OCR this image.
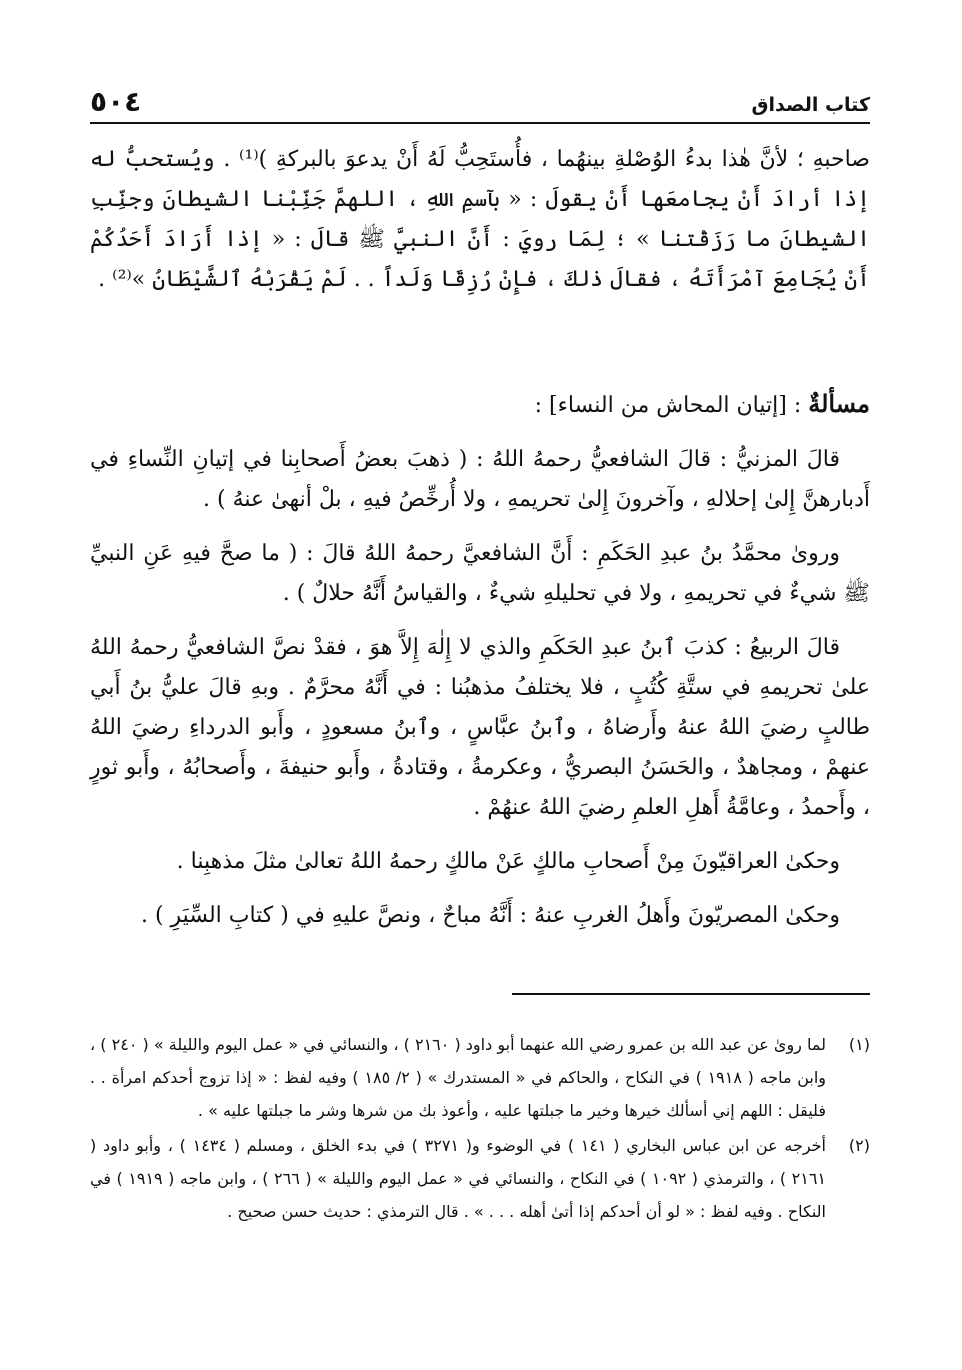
كتاب الصداق
٥٠٤

صاحبهِ ؛ لأنَّ هٰذا بدءُ الوُصْلةِ بينهُما ، فأُستَحِبُّ لَهُ أَنْ يدعوَ بالبركةِ )⁽¹⁾ . ويُستحبُّ له إذا أرادَ أَنْ يجامعَها أَنْ يقولَ : « بآسمِ اللهِ ، اللهمَّ جَنِّبْنا الشيطانَ وجنِّبِ الشيطانَ ما رَزَقْتنا » ؛ لِمَا رويَ : أَنَّ النبيَّ ﷺ قالَ : « إذا أَرَادَ أَحَدُكُمْ أَنْ يُجَامِعَ آمْرَأَتَهُ ، فقالَ ذٰلكَ ، فإِنْ رُزِقَا وَلَداً . . لَمْ يَقْرَبْهُ ٱلشَّيْطَانُ »⁽²⁾ .

مسألةٌ : [إتيان المحاش من النساء] :

قالَ المزنيُّ : قالَ الشافعيُّ رحمهُ اللهُ : ( ذهبَ بعضُ أَصحابِنا في إتيانِ النِّساءِ في أَدبارهنَّ إِلىٰ إحلالهِ ، وآخرونَ إِلىٰ تحريمهِ ، ولا أُرخِّصُ فيهِ ، بلْ أنهىٰ عنهُ ) .

ورویٰ محمَّدُ بنُ عبدِ الحَكَمِ : أَنَّ الشافعيَّ رحمهُ اللهُ قالَ : ( ما صحَّ فيهِ عَنِ النبيِّ ﷺ شيءٌ في تحريمهِ ، ولا في تحليلهِ شيءٌ ، والقياسُ أَنَّهُ حلالٌ ) .

قالَ الربيعُ : كذبَ ٱبنُ عبدِ الحَكَمِ والذي لا إِلٰهَ إِلاَّ هوَ ، فقدْ نصَّ الشافعيُّ رحمهُ اللهُ علىٰ تحريمهِ في ستَّةِ كُتُبٍ ، فلا يختلفُ مذهبُنا : في أَنَّهُ محرَّمٌ . وبهِ قالَ عليُّ بنُ أَبي طالبٍ رضيَ اللهُ عنهُ وأَرضاهُ ، وٱبنُ عبَّاسٍ ، وٱبنُ مسعودٍ ، وأَبو الدرداءِ رضيَ اللهُ عنهمْ ، ومجاهدٌ ، والحَسَنُ البصريُّ ، وعكرمةُ ، وقتادةُ ، وأَبو حنيفةَ ، وأَصحابُهُ ، وأَبو ثورٍ ، وأَحمدُ ، وعامَّةُ أَهلِ العلمِ رضيَ اللهُ عنهُمْ .

وحكىٰ العراقيّونَ مِنْ أَصحابِ مالكٍ عَنْ مالكٍ رحمهُ اللهُ تعالىٰ مثلَ مذهبِنا .

وحكىٰ المصريّونَ وأَهلُ الغربِ عنهُ : أَنَّهُ مباحٌ ، ونصَّ عليهِ في ( كتابِ السِّيَرِ ) .

(١)
لما رویٰ عن عبد الله بن عمرو رضي الله عنهما أبو داود ( ٢١٦٠ ) ، والنسائي في « عمل اليوم والليلة » ( ٢٤٠ ) ، وابن ماجه ( ١٩١٨ ) في النكاح ، والحاكم في « المستدرك » ( ٢/ ١٨٥ ) وفيه لفظ : « إذا تزوج أحدكم امرأة . . فليقل : اللهم إني أسألك خيرها وخير ما جبلتها عليه ، وأعوذ بك من شرها وشر ما جبلتها عليه » .
(٢)
أخرجه عن ابن عباس البخاري ( ١٤١ ) في الوضوء و( ٣٢٧١ ) في بدء الخلق ، ومسلم ( ١٤٣٤ ) ، وأبو داود ( ٢١٦١ ) ، والترمذي ( ١٠٩٢ ) في النكاح ، والنسائي في « عمل اليوم والليلة » ( ٢٦٦ ) ، وابن ماجه ( ١٩١٩ ) في النكاح . وفيه لفظ : « لو أن أحدكم إذا أتىٰ أهله . . . » . قال الترمذي : حديث حسن صحيح .
